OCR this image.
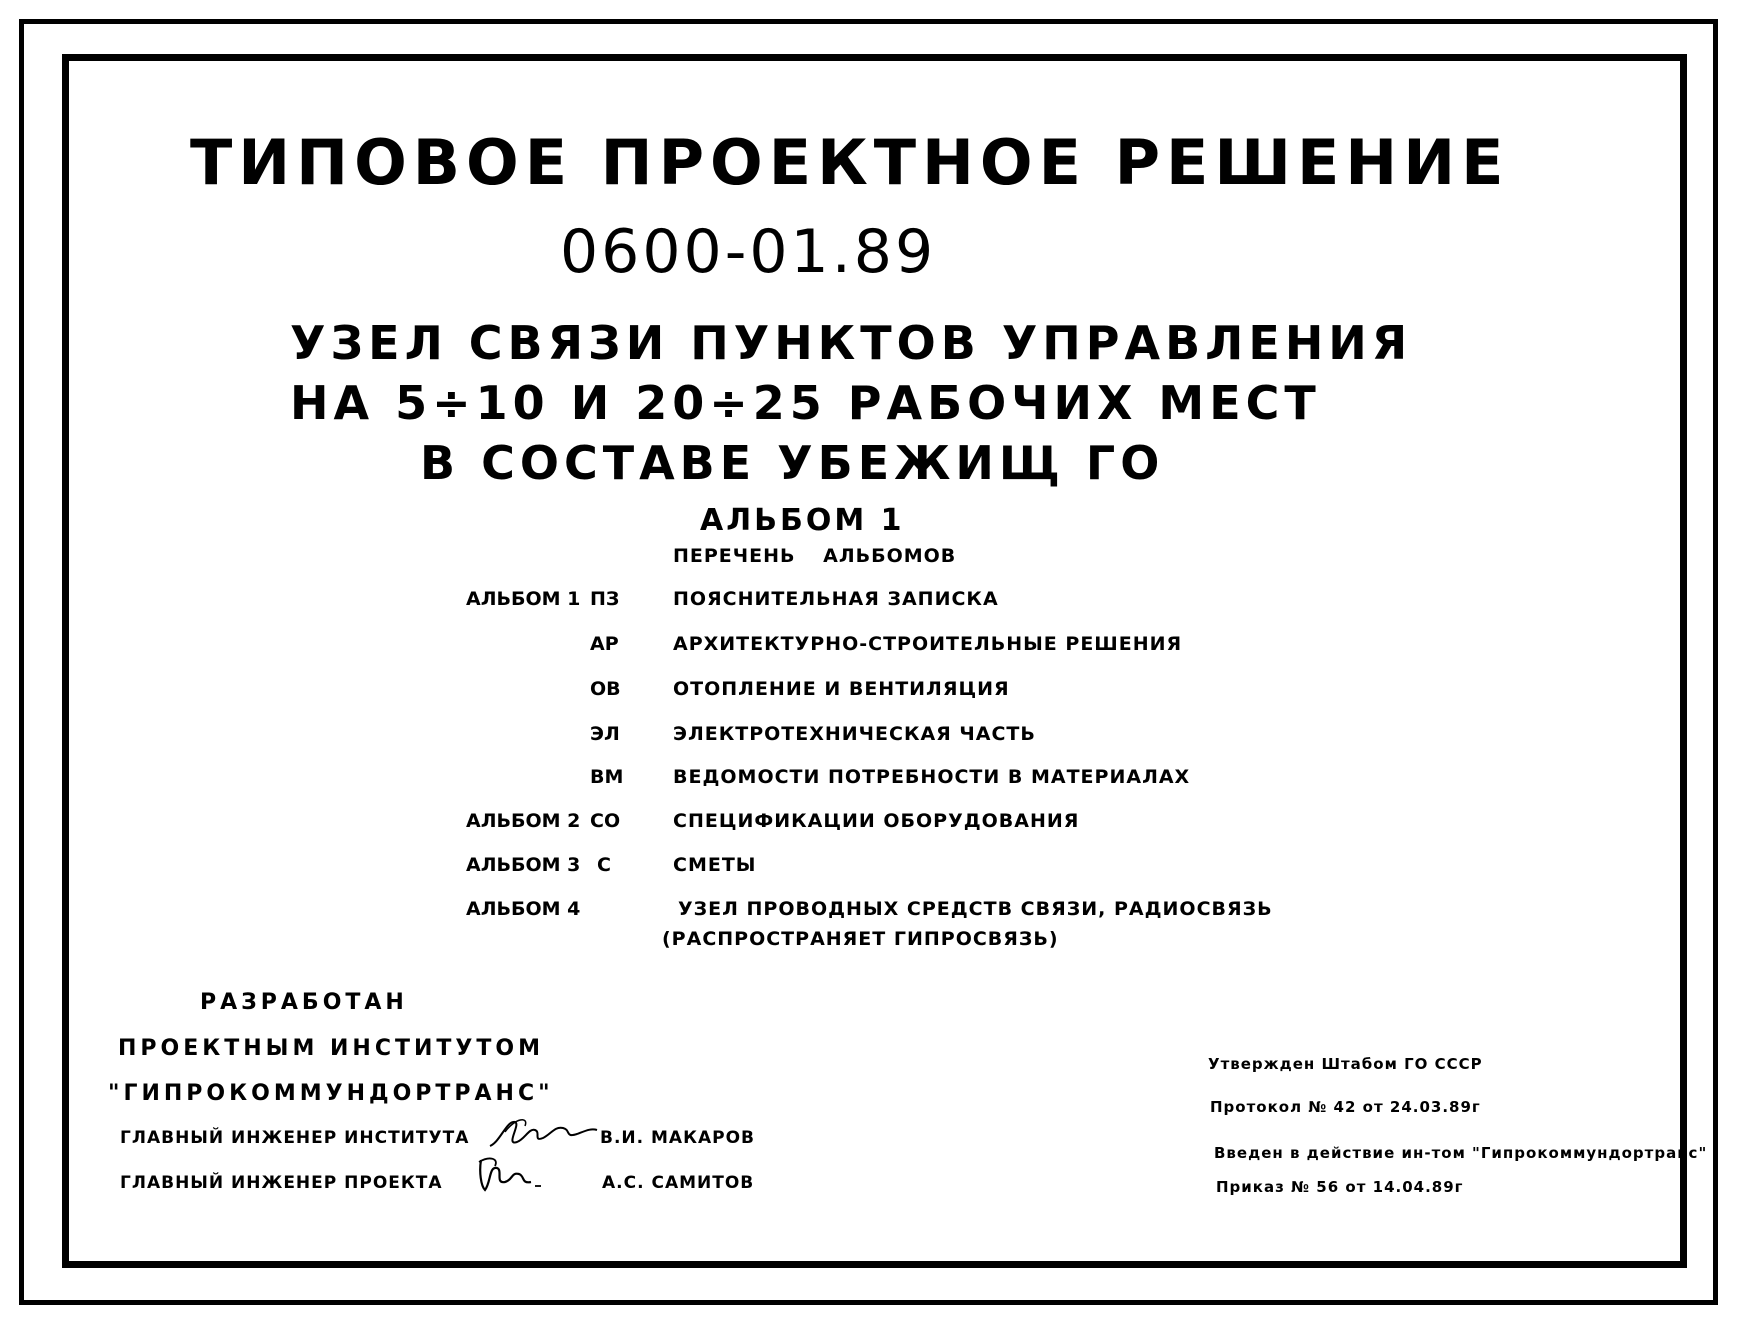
ТИПОВОЕ ПРОЕКТНОЕ РЕШЕНИЕ
0600-01.89
УЗЕЛ СВЯЗИ ПУНКТОВ УПРАВЛЕНИЯ
НА 5÷10 И 20÷25 РАБОЧИХ МЕСТ
В СОСТАВЕ УБЕЖИЩ ГО
АЛЬБОМ 1
ПЕРЕЧЕНЬ АЛЬБОМОВ
АЛЬБОМ 1 ПЗ	ПОЯСНИТЕЛЬНАЯ ЗАПИСКА
АР	АРХИТЕКТУРНО-СТРОИТЕЛЬНЫЕ РЕШЕНИЯ
ОВ	ОТОПЛЕНИЕ И ВЕНТИЛЯЦИЯ
ЭЛ	ЭЛЕКТРОТЕХНИЧЕСКАЯ ЧАСТЬ
ВМ	ВЕДОМОСТИ ПОТРЕБНОСТИ В МАТЕРИАЛАХ
АЛЬБОМ 2 СО	СПЕЦИФИКАЦИИ ОБОРУДОВАНИЯ
АЛЬБОМ 3 С	СМЕТЫ
АЛЬБОМ 4	УЗЕЛ ПРОВОДНЫХ СРЕДСТВ СВЯЗИ, РАДИОСВЯЗЬ
(РАСПРОСТРАНЯЕТ ГИПРОСВЯЗЬ)
РАЗРАБОТАН
ПРОЕКТНЫМ ИНСТИТУТОМ
"ГИПРОКОММУНДОРТРАНС"
ГЛАВНЫЙ ИНЖЕНЕР ИНСТИТУТА	В.И. МАКАРОВ
ГЛАВНЫЙ ИНЖЕНЕР ПРОЕКТА	А.С. САМИТОВ
Утвержден Штабом ГО СССР
Протокол № 42 от 24.03.89г
Введен в действие ин-том "Гипрокоммундортранс"
Приказ № 56 от 14.04.89г
